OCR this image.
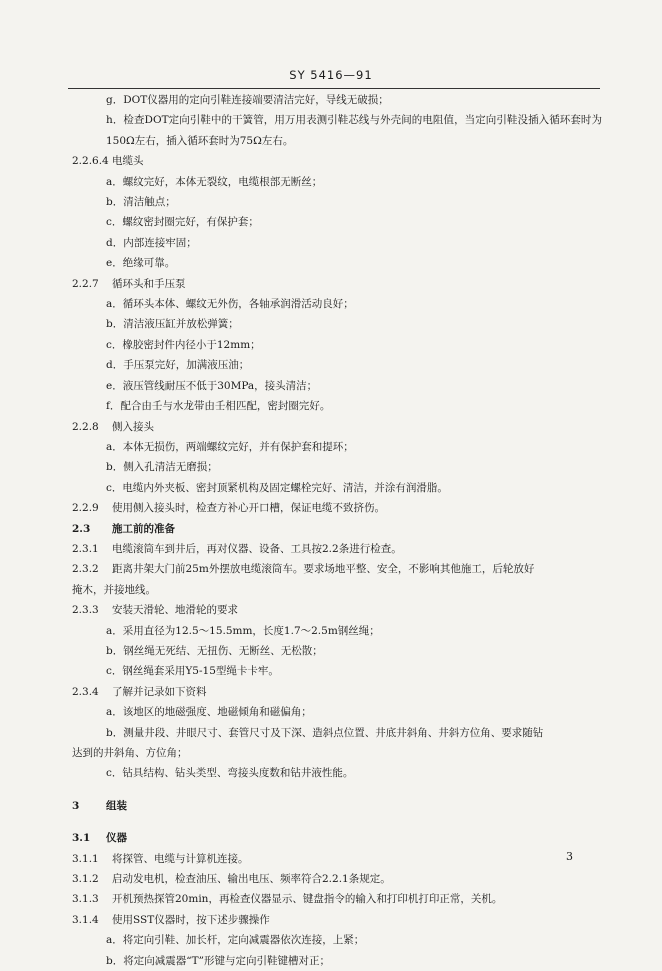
SY 5416—91
g．DOT仪器用的定向引鞋连接端要清洁完好，导线无破损；
h．检查DOT定向引鞋中的干簧管，用万用表测引鞋芯线与外壳间的电阻值，当定向引鞋没插入循环套时为150Ω左右，插入循环套时为75Ω左右。
2.2.6.4 电缆头
a．螺纹完好，本体无裂纹，电缆根部无断丝；
b．清洁触点；
c．螺纹密封圈完好，有保护套；
d．内部连接牢固；
e．绝缘可靠。
2.2.7 循环头和手压泵
a．循环头本体、螺纹无外伤，各轴承润滑活动良好；
b．清洁液压缸并放松弹簧；
c．橡胶密封件内径小于12mm；
d．手压泵完好，加满液压油；
e．液压管线耐压不低于30MPa，接头清洁；
f．配合由壬与水龙带由壬相匹配，密封圈完好。
2.2.8 侧入接头
a．本体无损伤，两端螺纹完好，并有保护套和提环；
b．侧入孔清洁无磨损；
c．电缆内外夹板、密封顶紧机构及固定螺栓完好、清洁，并涂有润滑脂。
2.2.9 使用侧入接头时，检查方补心开口槽，保证电缆不致挤伤。
2.3 施工前的准备
2.3.1 电缆滚筒车到井后，再对仪器、设备、工具按2.2条进行检查。
2.3.2 距离井架大门前25m外摆放电缆滚筒车。要求场地平整、安全，不影响其他施工，后轮放好
掩木，并接地线。
2.3.3 安装天滑轮、地滑轮的要求
a．采用直径为12.5～15.5mm，长度1.7～2.5m钢丝绳；
b．钢丝绳无死结、无扭伤、无断丝、无松散；
c．钢丝绳套采用Y5-15型绳卡卡牢。
2.3.4 了解并记录如下资料
a．该地区的地磁强度、地磁倾角和磁偏角；
b．测量井段、井眼尺寸、套管尺寸及下深、造斜点位置、井底井斜角、井斜方位角、要求随钻
达到的井斜角、方位角；
c．钻具结构、钻头类型、弯接头度数和钻井液性能。
3	组装
3.1 仪器
3.1.1 将探管、电缆与计算机连接。
3.1.2 启动发电机，检查油压、输出电压、频率符合2.2.1条规定。
3.1.3 开机预热探管20min，再检查仪器显示、键盘指令的输入和打印机打印正常，关机。
3.1.4 使用SST仪器时，按下述步骤操作
a．将定向引鞋、加长杆，定向减震器依次连接，上紧；
b．将定向减震器“T”形键与定向引鞋键槽对正；
3
